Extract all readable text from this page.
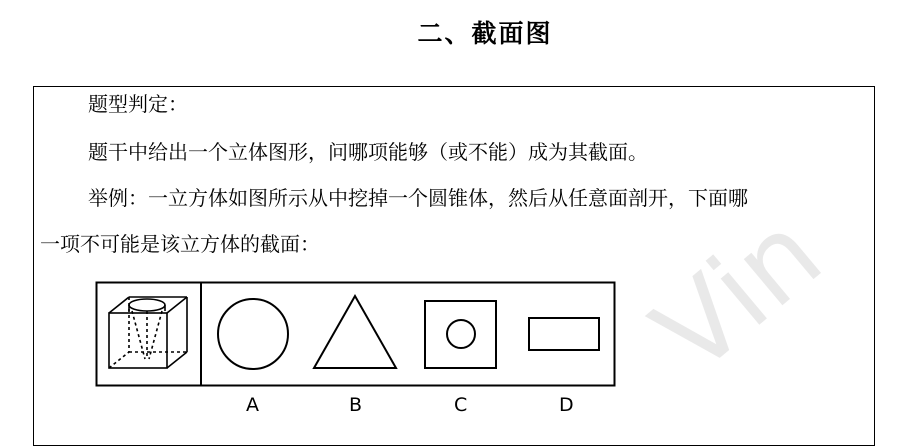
二、截面图
题型判定：
题干中给出一个立体图形，问哪项能够（或不能）成为其截面。
举例：一立方体如图所示从中挖掉一个圆锥体，然后从任意面剖开，下面哪
一项不可能是该立方体的截面：
A	B	C	D
Vin
